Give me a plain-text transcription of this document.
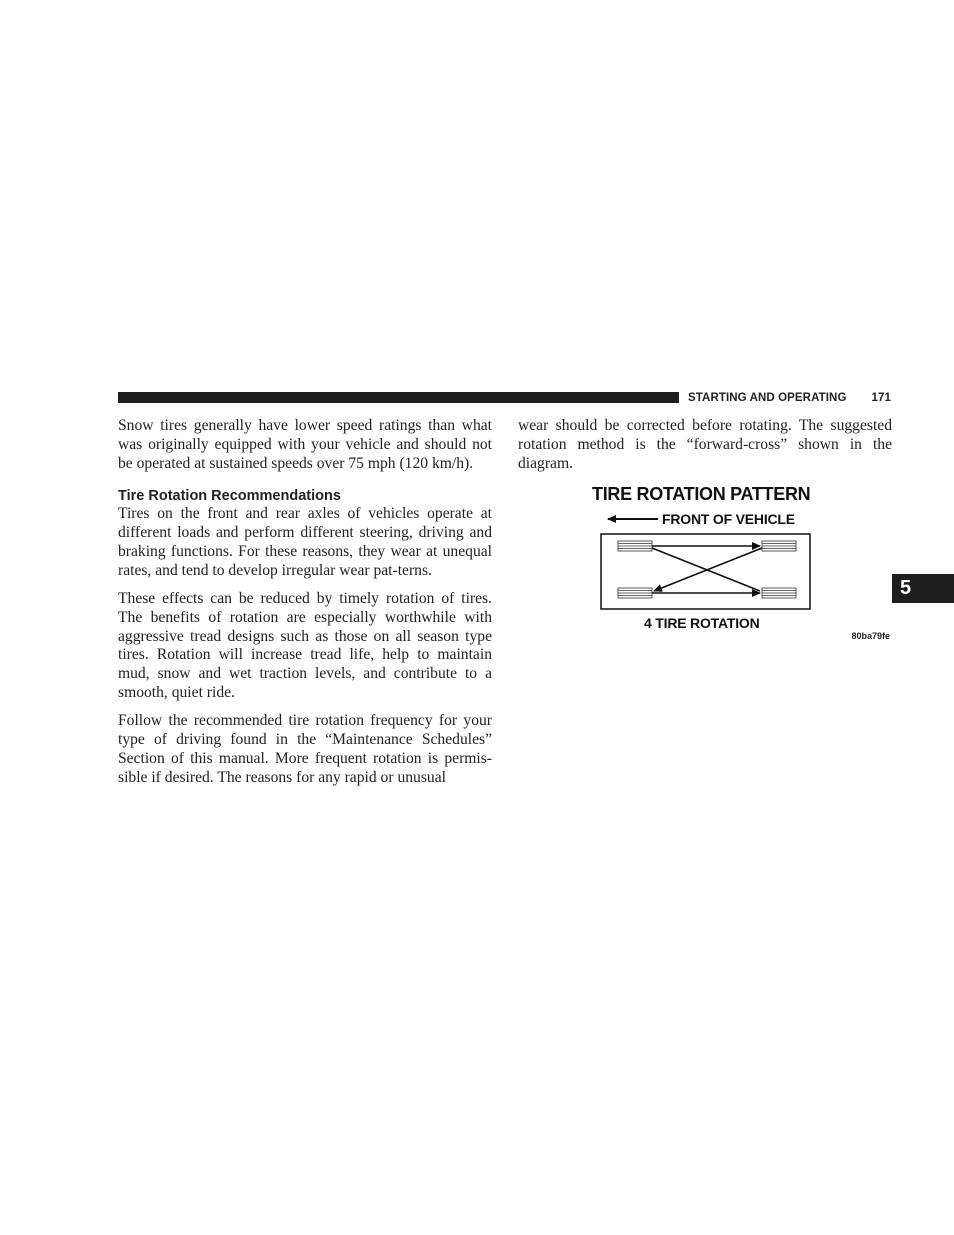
STARTING AND OPERATING 171

Snow tires generally have lower speed ratings than what was originally equipped with your vehicle and should not be operated at sustained speeds over 75 mph (120 km/h).

Tire Rotation Recommendations

Tires on the front and rear axles of vehicles operate at different loads and perform different steering, driving and braking functions. For these reasons, they wear at unequal rates, and tend to develop irregular wear pat-terns.

These effects can be reduced by timely rotation of tires. The benefits of rotation are especially worthwhile with aggressive tread designs such as those on all season type tires. Rotation will increase tread life, help to maintain mud, snow and wet traction levels, and contribute to a smooth, quiet ride.

Follow the recommended tire rotation frequency for your type of driving found in the “Maintenance Schedules” Section of this manual. More frequent rotation is permis-sible if desired. The reasons for any rapid or unusual

wear should be corrected before rotating. The suggested rotation method is the “forward-cross” shown in the diagram.

TIRE ROTATION PATTERN
FRONT OF VEHICLE
4 TIRE ROTATION
80ba79fe
5
